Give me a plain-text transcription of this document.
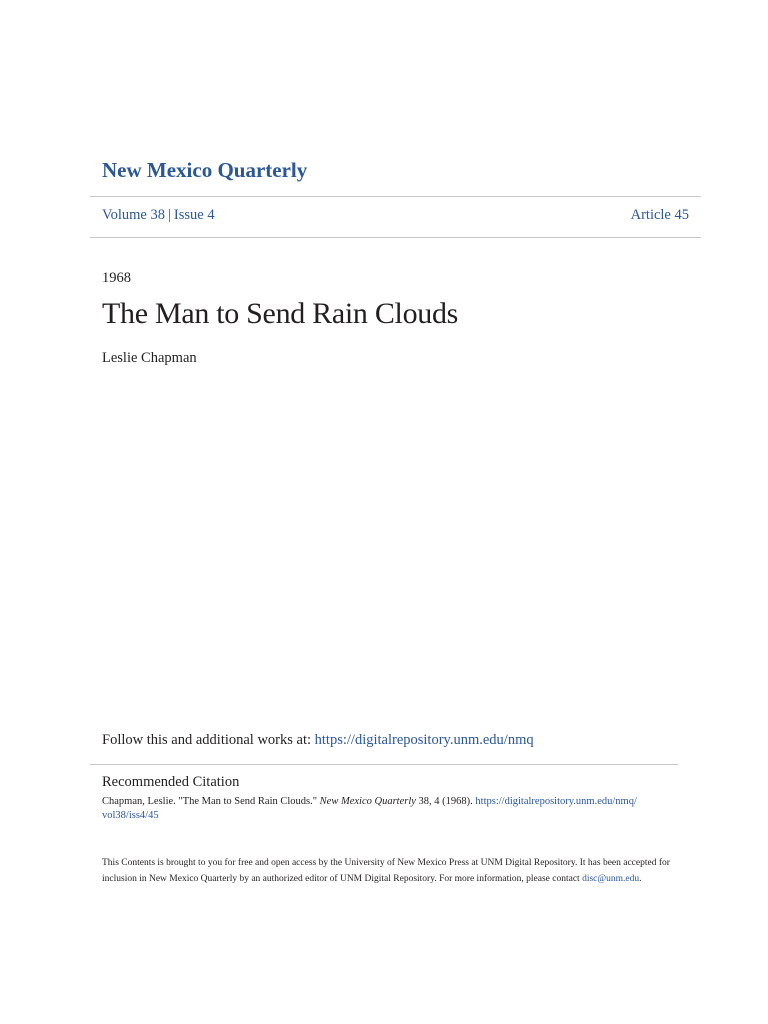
New Mexico Quarterly
Volume 38 | Issue 4	Article 45
1968
The Man to Send Rain Clouds
Leslie Chapman
Follow this and additional works at: https://digitalrepository.unm.edu/nmq
Recommended Citation
Chapman, Leslie. "The Man to Send Rain Clouds." New Mexico Quarterly 38, 4 (1968). https://digitalrepository.unm.edu/nmq/
vol38/iss4/45
This Contents is brought to you for free and open access by the University of New Mexico Press at UNM Digital Repository. It has been accepted for inclusion in New Mexico Quarterly by an authorized editor of UNM Digital Repository. For more information, please contact disc@unm.edu.
